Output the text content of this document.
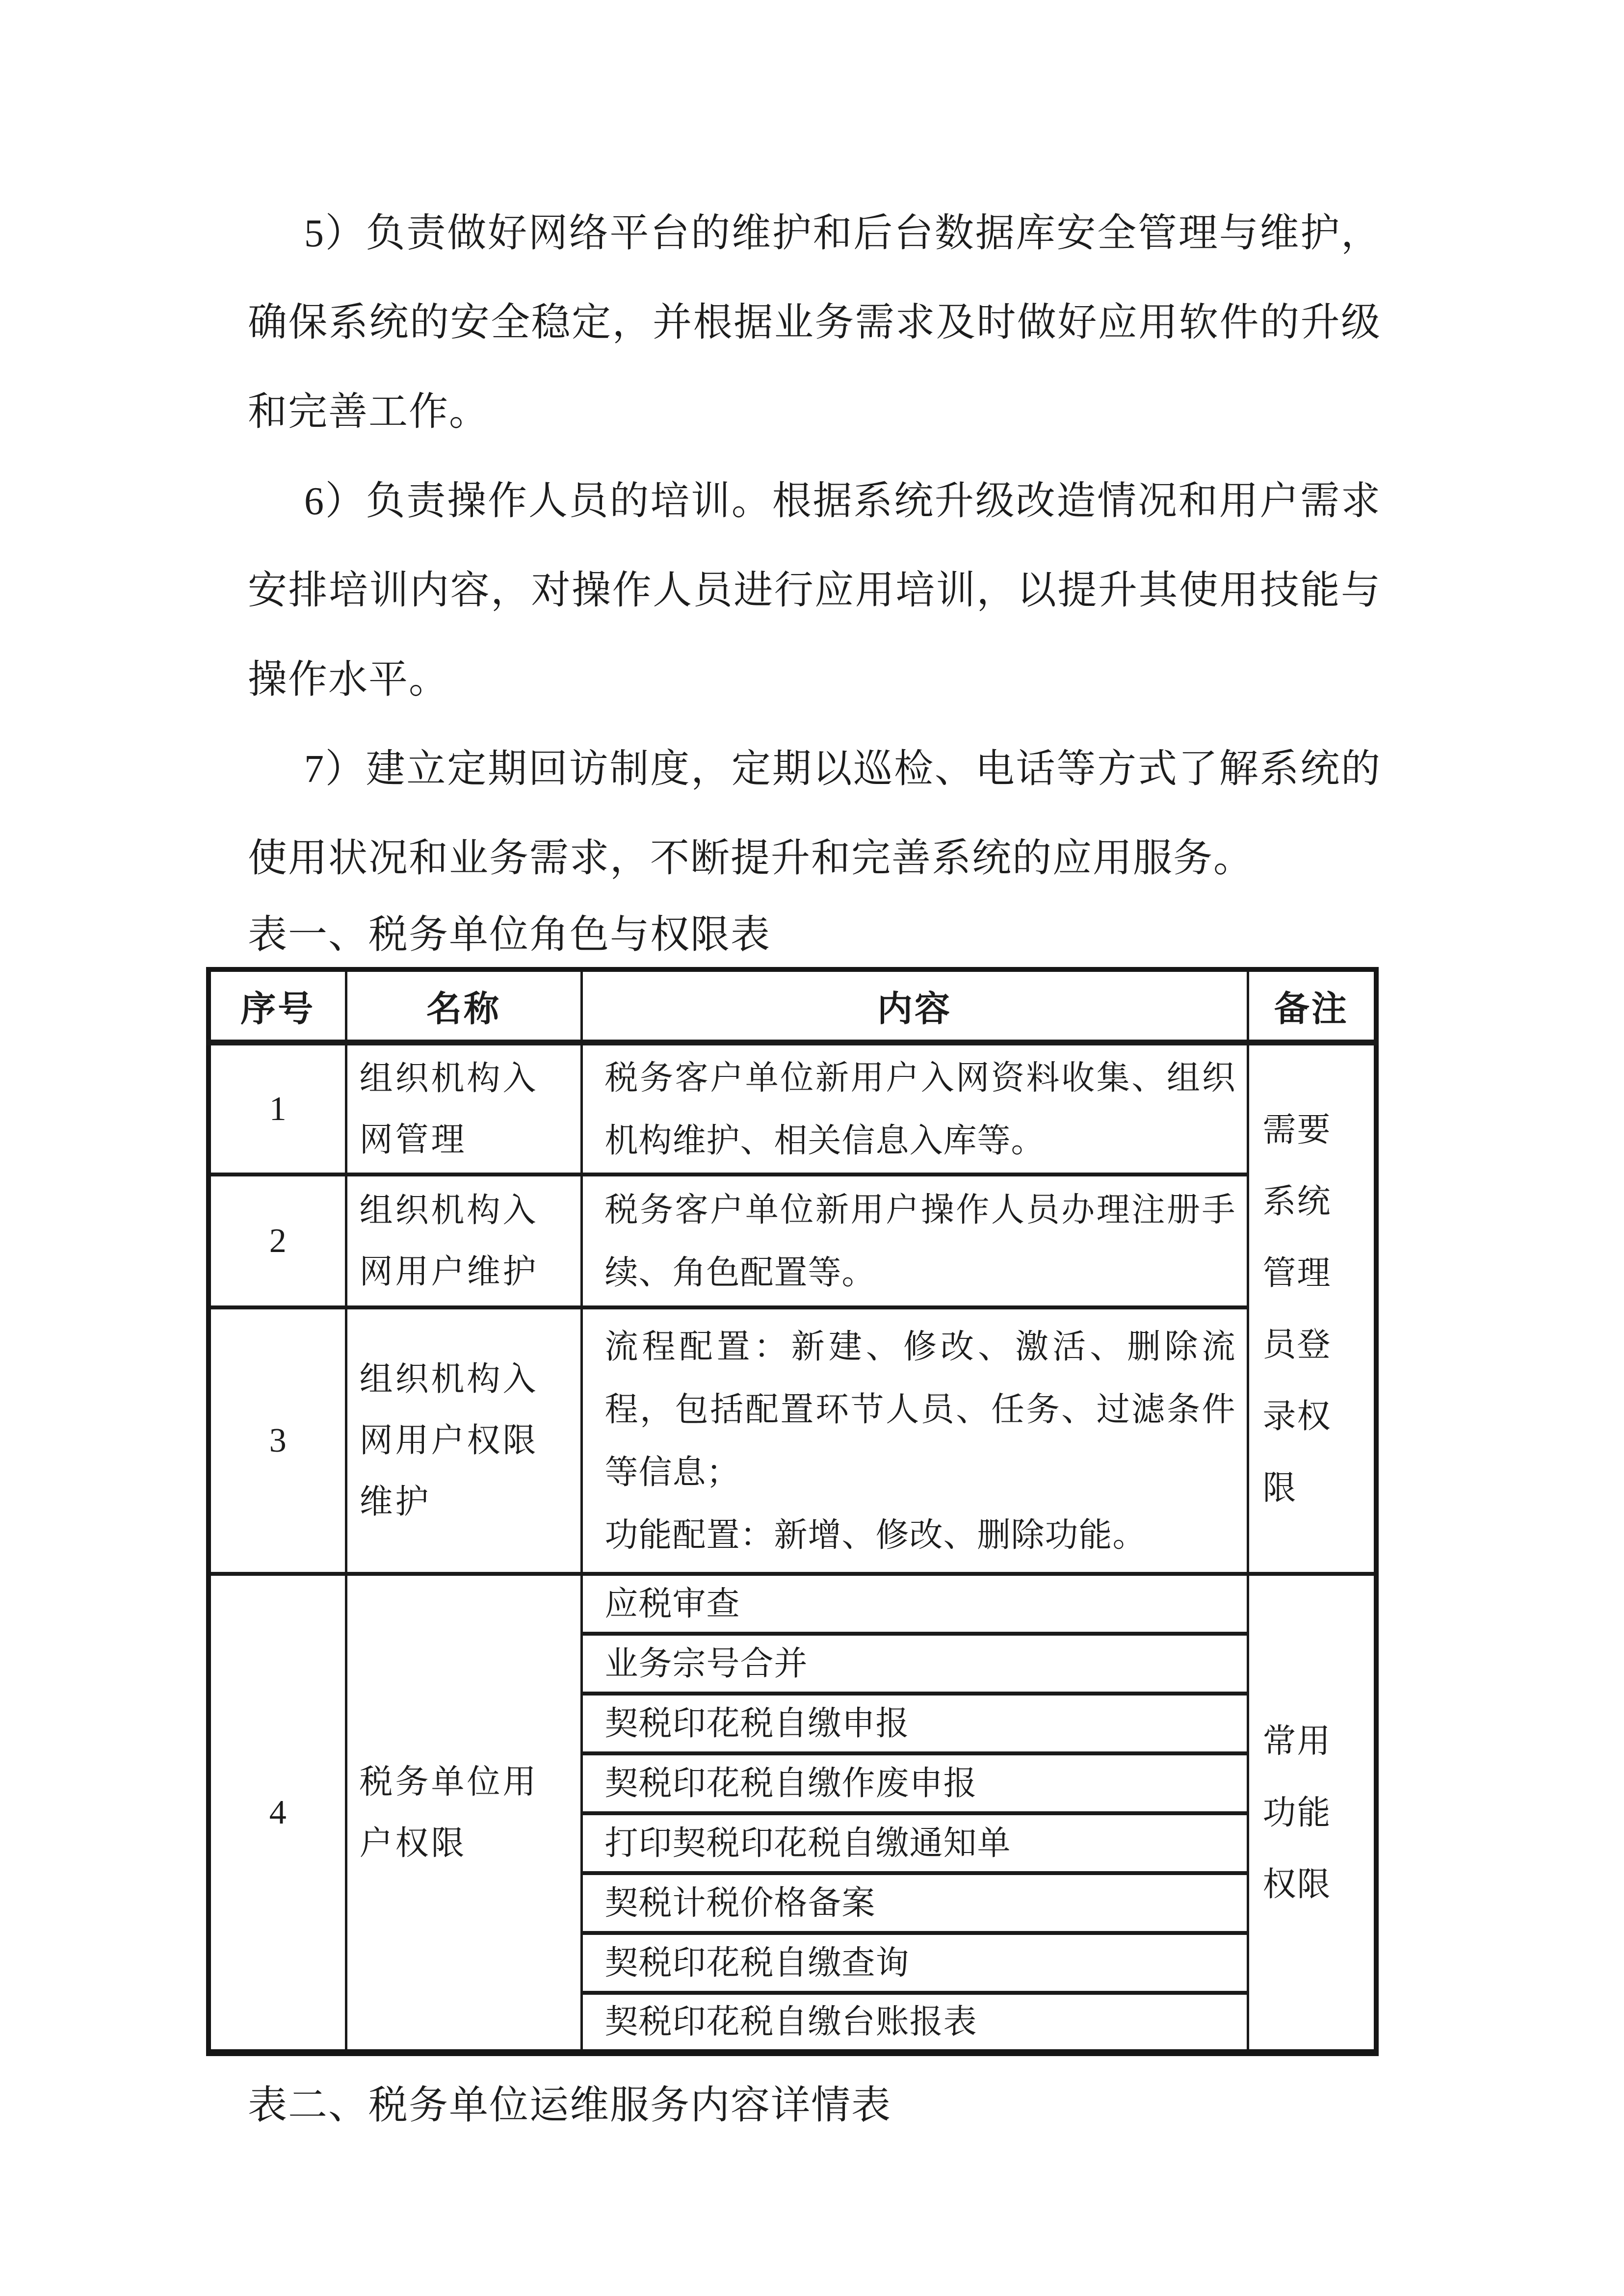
5）负责做好网络平台的维护和后台数据库安全管理与维护，确保系统的安全稳定，并根据业务需求及时做好应用软件的升级和完善工作。

6）负责操作人员的培训。根据系统升级改造情况和用户需求安排培训内容，对操作人员进行应用培训，以提升其使用技能与操作水平。

7）建立定期回访制度，定期以巡检、电话等方式了解系统的使用状况和业务需求，不断提升和完善系统的应用服务。

表一、税务单位角色与权限表

序号	名称	内容	备注
1	组织机构入网管理	税务客户单位新用户入网资料收集、组织机构维护、相关信息入库等。	需要系统管理员登录权限
2	组织机构入网用户维护	税务客户单位新用户操作人员办理注册手续、角色配置等。	
3	组织机构入网用户权限维护	流程配置：新建、修改、激活、删除流程，包括配置环节人员、任务、过滤条件等信息；
功能配置：新增、修改、删除功能。	

4	税务单位用户权限	应税审查	常用功能权限
		业务宗号合并	
		契税印花税自缴申报	
		契税印花税自缴作废申报	
		打印契税印花税自缴通知单	
		契税计税价格备案	
		契税印花税自缴查询	
		契税印花税自缴台账报表	

表二、税务单位运维服务内容详情表
